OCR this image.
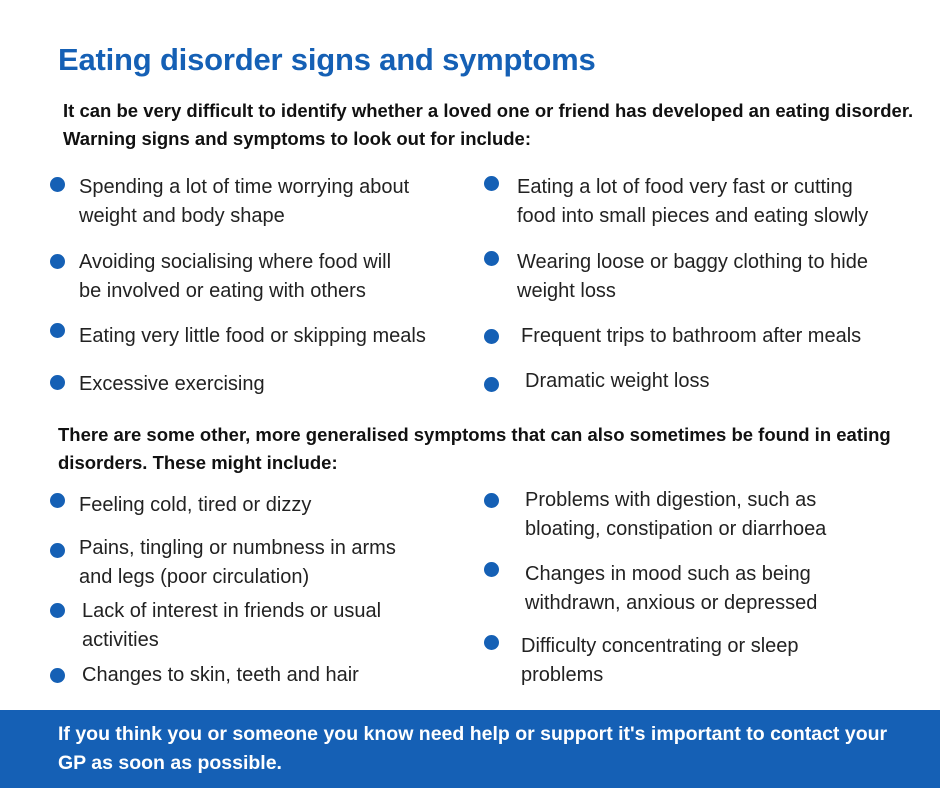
Eating disorder signs and symptoms

It can be very difficult to identify whether a loved one or friend has developed an eating disorder. Warning signs and symptoms to look out for include:

Spending a lot of time worrying about
weight and body shape
Avoiding socialising where food will
be involved or eating with others
Eating very little food or skipping meals
Excessive exercising
Eating a lot of food very fast or cutting
food into small pieces and eating slowly
Wearing loose or baggy clothing to hide
weight loss
Frequent trips to bathroom after meals
Dramatic weight loss

There are some other, more generalised symptoms that can also sometimes be found in eating disorders. These might include:

Feeling cold, tired or dizzy
Pains, tingling or numbness in arms
and legs (poor circulation)
Lack of interest in friends or usual
activities
Changes to skin, teeth and hair
Problems with digestion, such as
bloating, constipation or diarrhoea
Changes in mood such as being
withdrawn, anxious or depressed
Difficulty concentrating or sleep
problems

If you think you or someone you know need help or support it's important to contact your GP as soon as possible.
